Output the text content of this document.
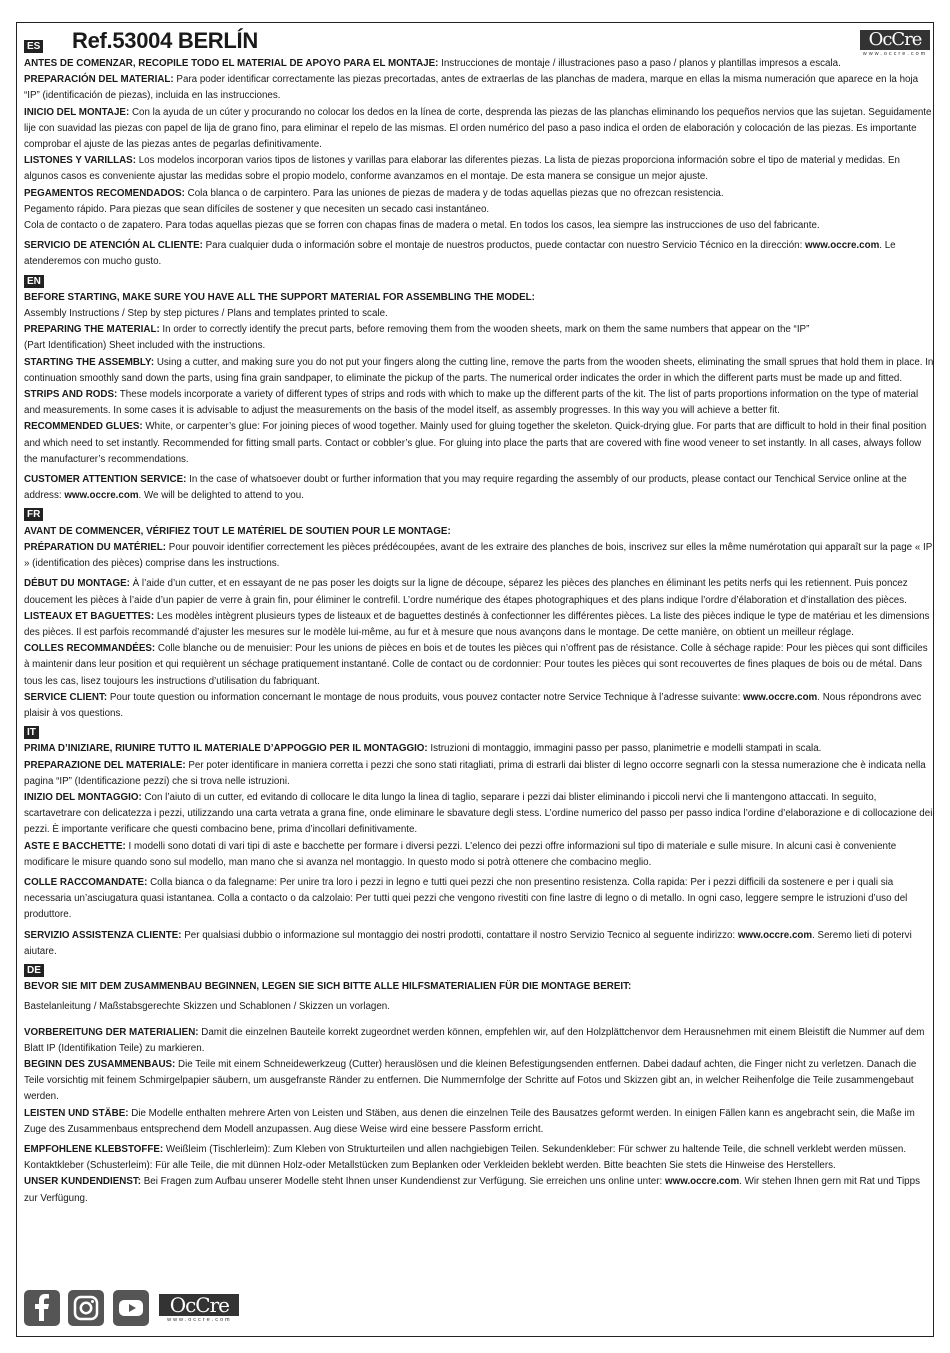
ES Ref.53004 BERLÍN	OcCre
www.occre.com
ANTES DE COMENZAR, RECOPILE TODO EL MATERIAL DE APOYO PARA EL MONTAJE: Instrucciones de montaje / illustraciones paso a paso / planos y plantillas impresos a escala.
PREPARACIÓN DEL MATERIAL: Para poder identificar correctamente las piezas precortadas, antes de extraerlas de las planchas de madera, marque en ellas la misma numeración que aparece en la hoja “IP” (identificación de piezas), incluida en las instrucciones.
INICIO DEL MONTAJE: Con la ayuda de un cúter y procurando no colocar los dedos en la línea de corte, desprenda las piezas de las planchas eliminando los pequeños nervios que las sujetan. Seguidamente lije con suavidad las piezas con papel de lija de grano fino, para eliminar el repelo de las mismas. El orden numérico del paso a paso indica el orden de elaboración y colocación de las piezas. Es importante comprobar el ajuste de las piezas antes de pegarlas definitivamente.
LISTONES Y VARILLAS: Los modelos incorporan varios tipos de listones y varillas para elaborar las diferentes piezas. La lista de piezas proporciona información sobre el tipo de material y medidas. En algunos casos es conveniente ajustar las medidas sobre el propio modelo, conforme avanzamos en el montaje. De esta manera se consigue un mejor ajuste.
PEGAMENTOS RECOMENDADOS: Cola blanca o de carpintero. Para las uniones de piezas de madera y de todas aquellas piezas que no ofrezcan resistencia.
Pegamento rápido. Para piezas que sean difíciles de sostener y que necesiten un secado casi instantáneo.
Cola de contacto o de zapatero. Para todas aquellas piezas que se forren con chapas finas de madera o metal. En todos los casos, lea siempre las instrucciones de uso del fabricante.
SERVICIO DE ATENCIÓN AL CLIENTE: Para cualquier duda o información sobre el montaje de nuestros productos, puede contactar con nuestro Servicio Técnico en la dirección: www.occre.com. Le atenderemos con mucho gusto.
EN
BEFORE STARTING, MAKE SURE YOU HAVE ALL THE SUPPORT MATERIAL FOR ASSEMBLING THE MODEL:
Assembly Instructions / Step by step pictures / Plans and templates printed to scale.
PREPARING THE MATERIAL: In order to correctly identify the precut parts, before removing them from the wooden sheets, mark on them the same numbers that appear on the “IP”
(Part Identification) Sheet included with the instructions.
STARTING THE ASSEMBLY: Using a cutter, and making sure you do not put your fingers along the cutting line, remove the parts from the wooden sheets, eliminating the small sprues that hold them in place. In continuation smoothly sand down the parts, using fina grain sandpaper, to eliminate the pickup of the parts. The numerical order indicates the order in which the different parts must be made up and fitted.
STRIPS AND RODS: These models incorporate a variety of different types of strips and rods with which to make up the different parts of the kit. The list of parts proportions information on the type of material and measurements. In some cases it is advisable to adjust the measurements on the basis of the model itself, as assembly progresses. In this way you will achieve a better fit.
RECOMMENDED GLUES: White, or carpenter’s glue: For joining pieces of wood together. Mainly used for gluing together the skeleton. Quick-drying glue. For parts that are difficult to hold in their final position and which need to set instantly. Recommended for fitting small parts. Contact or cobbler’s glue. For gluing into place the parts that are covered with fine wood veneer to set instantly. In all cases, always follow the manufacturer’s recommendations.
CUSTOMER ATTENTION SERVICE: In the case of whatsoever doubt or further information that you may require regarding the assembly of our products, please contact our Tenchical Service online at the address: www.occre.com. We will be delighted to attend to you.
FR
AVANT DE COMMENCER, VÉRIFIEZ TOUT LE MATÉRIEL DE SOUTIEN POUR LE MONTAGE:
PRÉPARATION DU MATÉRIEL: Pour pouvoir identifier correctement les pièces prédécoupées, avant de les extraire des planches de bois, inscrivez sur elles la même numérotation qui apparaît sur la page « IP » (identification des pièces) comprise dans les instructions.
DÉBUT DU MONTAGE: À l’aide d’un cutter, et en essayant de ne pas poser les doigts sur la ligne de découpe, séparez les pièces des planches en éliminant les petits nerfs qui les retiennent. Puis poncez doucement les pièces à l’aide d’un papier de verre à grain fin, pour éliminer le contrefil. L’ordre numérique des étapes photographiques et des plans indique l’ordre d’élaboration et d’installation des pièces.
LISTEAUX ET BAGUETTES: Les modèles intègrent plusieurs types de listeaux et de baguettes destinés à confectionner les différentes pièces. La liste des pièces indique le type de matériau et les dimensions des pièces. Il est parfois recommandé d’ajuster les mesures sur le modèle lui-même, au fur et à mesure que nous avançons dans le montage. De cette manière, on obtient un meilleur réglage.
COLLES RECOMMANDÉES: Colle blanche ou de menuisier: Pour les unions de pièces en bois et de toutes les pièces qui n’offrent pas de résistance. Colle à séchage rapide: Pour les pièces qui sont difficiles à maintenir dans leur position et qui requièrent un séchage pratiquement instantané. Colle de contact ou de cordonnier: Pour toutes les pièces qui sont recouvertes de fines plaques de bois ou de métal. Dans tous les cas, lisez toujours les instructions d’utilisation du fabriquant.
SERVICE CLIENT: Pour toute question ou information concernant le montage de nous produits, vous pouvez contacter notre Service Technique à l’adresse suivante: www.occre.com. Nous répondrons avec plaisir à vos questions.
IT
PRIMA D’INIZIARE, RIUNIRE TUTTO IL MATERIALE D’APPOGGIO PER IL MONTAGGIO: Istruzioni di montaggio, immagini passo per passo, planimetrie e modelli stampati in scala.
PREPARAZIONE DEL MATERIALE: Per poter identificare in maniera corretta i pezzi che sono stati ritagliati, prima di estrarli dai blister di legno occorre segnarli con la stessa numerazione che è indicata nella pagina “IP” (Identificazione pezzi) che si trova nelle istruzioni.
INIZIO DEL MONTAGGIO: Con l’aiuto di un cutter, ed evitando di collocare le dita lungo la linea di taglio, separare i pezzi dai blister eliminando i piccoli nervi che li mantengono attaccati. In seguito, scartavetrare con delicatezza i pezzi, utilizzando una carta vetrata a grana fine, onde eliminare le sbavature degli stess. L’ordine numerico del passo per passo indica l’ordine d’elaborazione e di collocazione dei pezzi. È importante verificare che questi combacino bene, prima d’incollari definitivamente.
ASTE E BACCHETTE: I modelli sono dotati di vari tipi di aste e bacchette per formare i diversi pezzi. L’elenco dei pezzi offre informazioni sul tipo di materiale e sulle misure. In alcuni casi è conveniente modificare le misure quando sono sul modello, man mano che si avanza nel montaggio. In questo modo si potrà ottenere che combacino meglio.
COLLE RACCOMANDATE: Colla bianca o da falegname: Per unire tra loro i pezzi in legno e tutti quei pezzi che non presentino resistenza. Colla rapida: Per i pezzi difficili da sostenere e per i quali sia necessaria un’asciugatura quasi istantanea. Colla a contacto o da calzolaio: Per tutti quei pezzi che vengono rivestiti con fine lastre di legno o di metallo. In ogni caso, leggere sempre le istruzioni d’uso del produttore.
SERVIZIO ASSISTENZA CLIENTE: Per qualsiasi dubbio o informazione sul montaggio dei nostri prodotti, contattare il nostro Servizio Tecnico al seguente indirizzo: www.occre.com. Seremo lieti di potervi aiutare.
DE
BEVOR SIE MIT DEM ZUSAMMENBAU BEGINNEN, LEGEN SIE SICH BITTE ALLE HILFSMATERIALIEN FÜR DIE MONTAGE BEREIT:
Bastelanleitung / Maßstabsgerechte Skizzen und Schablonen / Skizzen un vorlagen.
VORBEREITUNG DER MATERIALIEN: Damit die einzelnen Bauteile korrekt zugeordnet werden können, empfehlen wir, auf den Holzplättchenvor dem Herausnehmen mit einem Bleistift die Nummer auf dem Blatt IP (Identifikation Teile) zu markieren.
BEGINN DES ZUSAMMENBAUS: Die Teile mit einem Schneidewerkzeug (Cutter) herauslösen und die kleinen Befestigungsenden entfernen. Dabei dadauf achten, die Finger nicht zu verletzen. Danach die Teile vorsichtig mit feinem Schmirgelpapier säubern, um ausgefranste Ränder zu entfernen. Die Nummernfolge der Schritte auf Fotos und Skizzen gibt an, in welcher Reihenfolge die Teile zusammengebaut werden.
LEISTEN UND STÄBE: Die Modelle enthalten mehrere Arten von Leisten und Stäben, aus denen die einzelnen Teile des Bausatzes geformt werden. In einigen Fällen kann es angebracht sein, die Maße im Zuge des Zusammenbaus entsprechend dem Modell anzupassen. Aug diese Weise wird eine bessere Passform erricht.
EMPFOHLENE KLEBSTOFFE: Weißleim (Tischlerleim): Zum Kleben von Strukturteilen und allen nachgiebigen Teilen. Sekundenkleber: Für schwer zu haltende Teile, die schnell verklebt werden müssen. Kontaktkleber (Schusterleim): Für alle Teile, die mit dünnen Holz-oder Metallstücken zum Beplanken oder Verkleiden beklebt werden. Bitte beachten Sie stets die Hinweise des Herstellers.
UNSER KUNDENDIENST: Bei Fragen zum Aufbau unserer Modelle steht Ihnen unser Kundendienst zur Verfügung. Sie erreichen uns online unter: www.occre.com. Wir stehen Ihnen gern mit Rat und Tipps zur Verfügung.

OcCre
www.occre.com
